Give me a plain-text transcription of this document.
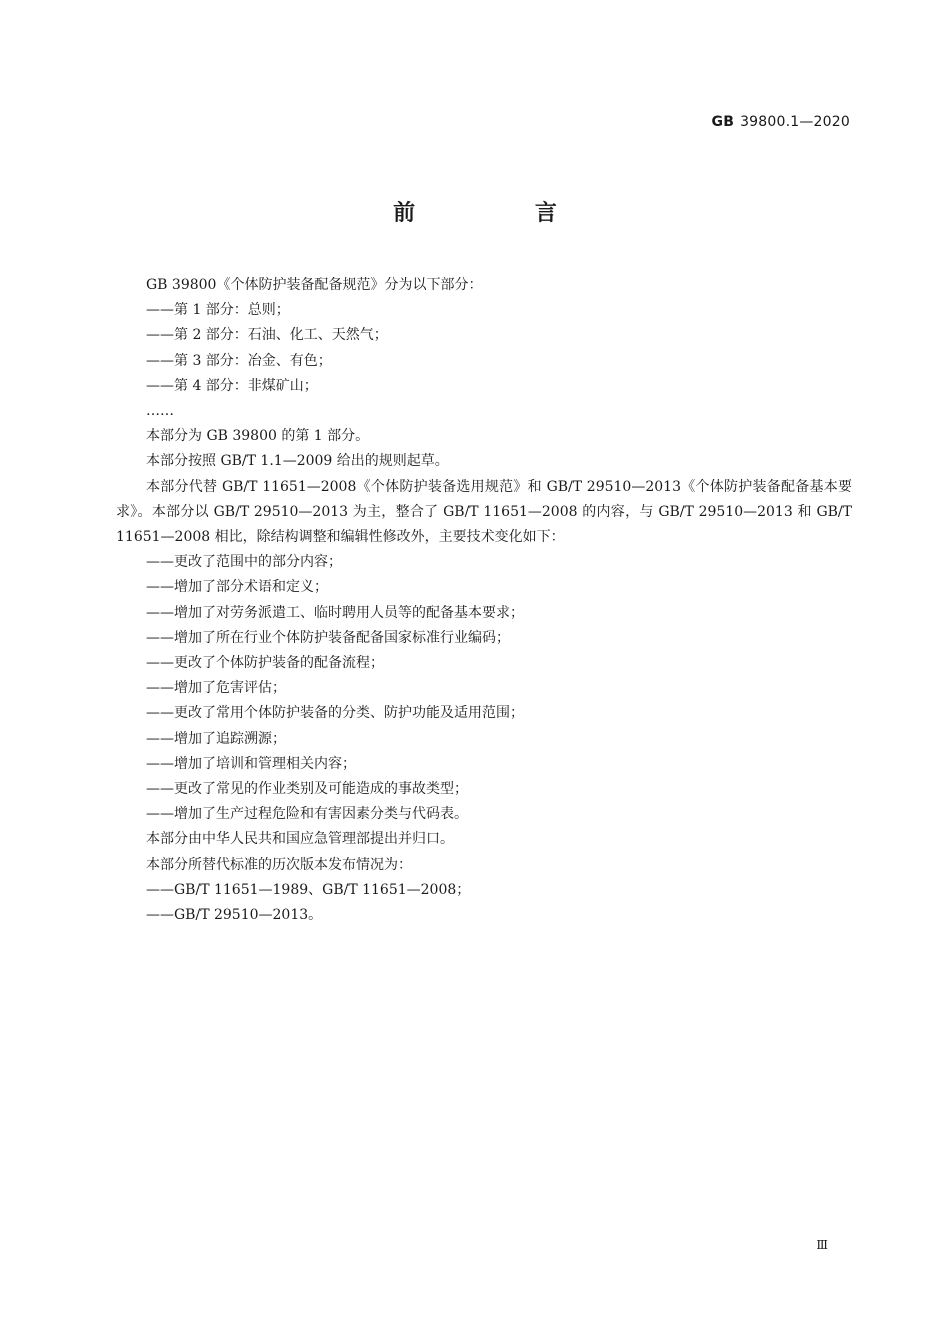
GB 39800.1—2020
前 言

GB 39800《个体防护装备配备规范》分为以下部分：

——第 1 部分：总则；

——第 2 部分：石油、化工、天然气；

——第 3 部分：冶金、有色；

——第 4 部分：非煤矿山；

……

本部分为 GB 39800 的第 1 部分。

本部分按照 GB/T 1.1—2009 给出的规则起草。

本部分代替 GB/T 11651—2008《个体防护装备选用规范》和 GB/T 29510—2013《个体防护装备配备基本要求》。本部分以 GB/T 29510—2013 为主，整合了 GB/T 11651—2008 的内容，与 GB/T 29510—2013 和 GB/T 11651—2008 相比，除结构调整和编辑性修改外，主要技术变化如下：

——更改了范围中的部分内容；

——增加了部分术语和定义；

——增加了对劳务派遣工、临时聘用人员等的配备基本要求；

——增加了所在行业个体防护装备配备国家标准行业编码；

——更改了个体防护装备的配备流程；

——增加了危害评估；

——更改了常用个体防护装备的分类、防护功能及适用范围；

——增加了追踪溯源；

——增加了培训和管理相关内容；

——更改了常见的作业类别及可能造成的事故类型；

——增加了生产过程危险和有害因素分类与代码表。

本部分由中华人民共和国应急管理部提出并归口。

本部分所替代标准的历次版本发布情况为：

——GB/T 11651—1989、GB/T 11651—2008；

——GB/T 29510—2013。

Ⅲ
